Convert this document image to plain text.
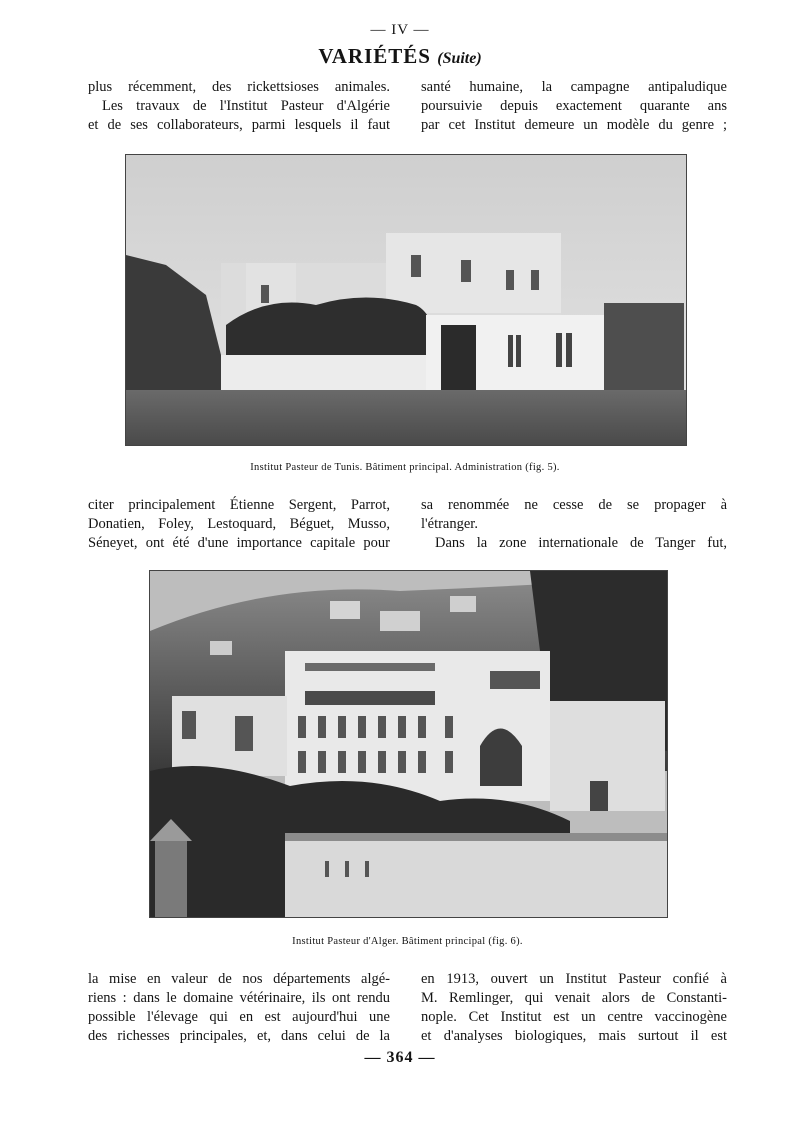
— IV —
VARIÉTÉS (Suite)

plus récemment, des rickettsioses animales.

Les travaux de l'Institut Pasteur d'Algérie

et de ses collaborateurs, parmi lesquels il faut

santé humaine, la campagne antipaludique

poursuivie depuis exactement quarante ans

par cet Institut demeure un modèle du genre ;

Institut Pasteur de Tunis. Bâtiment principal. Administration (fig. 5).

citer principalement Étienne Sergent, Parrot,

Donatien, Foley, Lestoquard, Béguet, Musso,

Séneyet, ont été d'une importance capitale pour

sa renommée ne cesse de se propager à

l'étranger.

Dans la zone internationale de Tanger fut,

Institut Pasteur d'Alger. Bâtiment principal (fig. 6).

la mise en valeur de nos départements algé-

riens : dans le domaine vétérinaire, ils ont rendu

possible l'élevage qui en est aujourd'hui une

des richesses principales, et, dans celui de la

en 1913, ouvert un Institut Pasteur confié à

M. Remlinger, qui venait alors de Constanti-

nople. Cet Institut est un centre vaccinogène

et d'analyses biologiques, mais surtout il est

— 364 —
